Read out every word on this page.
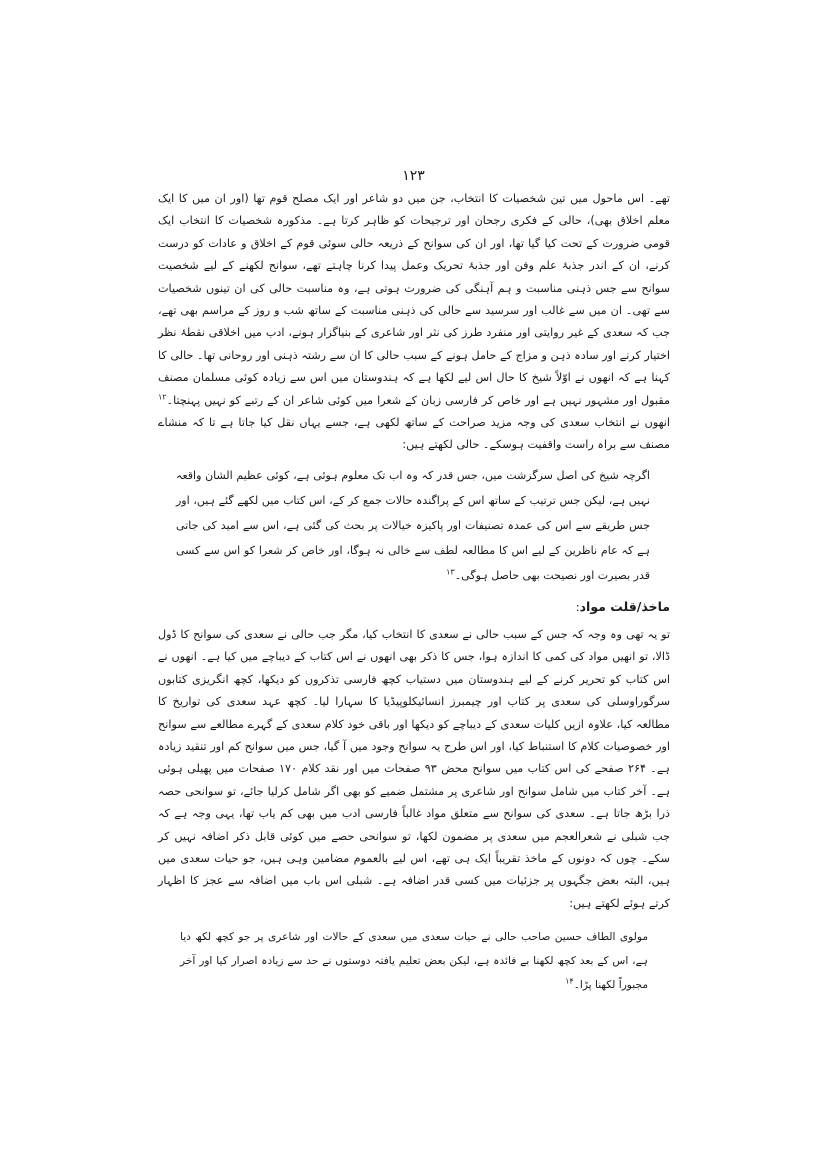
۱۲۳

تھے۔ اس ماحول میں تین شخصیات کا انتخاب، جن میں دو شاعر اور ایک مصلح قوم تھا (اور ان میں کا ایک معلم اخلاق بھی)، حالی کے فکری رجحان اور ترجیحات کو ظاہر کرتا ہے۔ مذکورہ شخصیات کا انتخاب ایک قومی ضرورت کے تحت کیا گیا تھا، اور ان کی سوانح کے ذریعہ حالی سوئی قوم کے اخلاق و عادات کو درست کرنے، ان کے اندر جذبۂ علم وفن اور جذبۂ تحریک وعمل پیدا کرنا چاہتے تھے، سوانح لکھنے کے لیے شخصیت سوانح سے جس ذہنی مناسبت و ہم آہنگی کی ضرورت ہوتی ہے، وہ مناسبت حالی کی ان تینوں شخصیات سے تھی۔ ان میں سے غالب اور سرسید سے حالی کی ذہنی مناسبت کے ساتھ شب و روز کے مراسم بھی تھے، جب کہ سعدی کے غیر روایتی اور منفرد طرز کی نثر اور شاعری کے بنیاگزار ہونے، ادب میں اخلاقی نقطۂ نظر اختیار کرنے اور سادہ ذہن و مزاج کے حامل ہونے کے سبب حالی کا ان سے رشتہ ذہنی اور روحانی تھا۔ حالی کا کہنا ہے کہ انھوں نے اوّلاً شیخ کا حال اس لیے لکھا ہے کہ ہندوستان میں اس سے زیادہ کوئی مسلمان مصنف مقبول اور مشہور نہیں ہے اور خاص کر فارسی زبان کے شعرا میں کوئی شاعر ان کے رتبے کو نہیں پہنچتا۔$^{۱۲}$ انھوں نے انتخاب سعدی کی وجہ مزید صراحت کے ساتھ لکھی ہے، جسے یہاں نقل کیا جاتا ہے تا کہ منشاے مصنف سے براہ راست واقفیت ہوسکے۔ حالی لکھتے ہیں:

اگرچہ شیخ کی اصل سرگزشت میں، جس قدر کہ وہ اب تک معلوم ہوئی ہے، کوئی عظیم الشان واقعہ نہیں ہے، لیکن جس ترتیب کے ساتھ اس کے پراگندہ حالات جمع کر کے، اس کتاب میں لکھے گئے ہیں، اور جس طریقے سے اس کی عمدہ تصنیفات اور پاکیزہ خیالات پر بحث کی گئی ہے، اس سے امید کی جاتی ہے کہ عام ناظرین کے لیے اس کا مطالعہ لطف سے خالی نہ ہوگا، اور خاص کر شعرا کو اس سے کسی قدر بصیرت اور نصیحت بھی حاصل ہوگی۔$^{۱۳}$

ماخذ/قلت مواد:

تو یہ تھی وہ وجہ کہ جس کے سبب حالی نے سعدی کا انتخاب کیا، مگر جب حالی نے سعدی کی سوانح کا ڈول ڈالا، تو انھیں مواد کی کمی کا اندازہ ہوا، جس کا ذکر بھی انھوں نے اس کتاب کے دیباچے میں کیا ہے۔ انھوں نے اس کتاب کو تحریر کرنے کے لیے ہندوستان میں دستیاب کچھ فارسی تذکروں کو دیکھا، کچھ انگریزی کتابوں سرگوراوسلی کی سعدی پر کتاب اور چیمبرز انسائیکلوپیڈیا کا سہارا لیا۔ کچھ عہد سعدی کی تواریخ کا مطالعہ کیا، علاوہ ازیں کلیات سعدی کے دیباچے کو دیکھا اور باقی خود کلام سعدی کے گہرے مطالعے سے سوانح اور خصوصیات کلام کا استنباط کیا، اور اس طرح یہ سوانح وجود میں آ گیا، جس میں سوانح کم اور تنقید زیادہ ہے۔ ۲۶۴ صفحے کی اس کتاب میں سوانح محض ۹۳ صفحات میں اور نقد کلام ۱۷۰ صفحات میں پھیلی ہوئی ہے۔ آخر کتاب میں شامل سوانح اور شاعری پر مشتمل ضمیے کو بھی اگر شامل کرلیا جائے، تو سوانحی حصہ ذرا بڑھ جاتا ہے۔ سعدی کی سوانح سے متعلق مواد غالباً فارسی ادب میں بھی کم یاب تھا، یہی وجہ ہے کہ جب شبلی نے شعرالعجم میں سعدی پر مضمون لکھا، تو سوانحی حصے میں کوئی قابل ذکر اضافہ نہیں کر سکے۔ چوں کہ دونوں کے ماخذ تقریباً ایک ہی تھے، اس لیے بالعموم مضامین وہی ہیں، جو حیات سعدی میں ہیں، البتہ بعض جگہوں پر جزئیات میں کسی قدر اضافہ ہے۔ شبلی اس باب میں اضافہ سے عجز کا اظہار کرتے ہوئے لکھتے ہیں:

مولوی الطاف حسین صاحب حالی نے حیات سعدی میں سعدی کے حالات اور شاعری پر جو کچھ لکھ دیا ہے، اس کے بعد کچھ لکھنا بے فائدہ ہے، لیکن بعض تعلیم یافتہ دوستوں نے حد سے زیادہ اصرار کیا اور آخر مجبوراً لکھنا پڑا۔$^{۱۴}$
